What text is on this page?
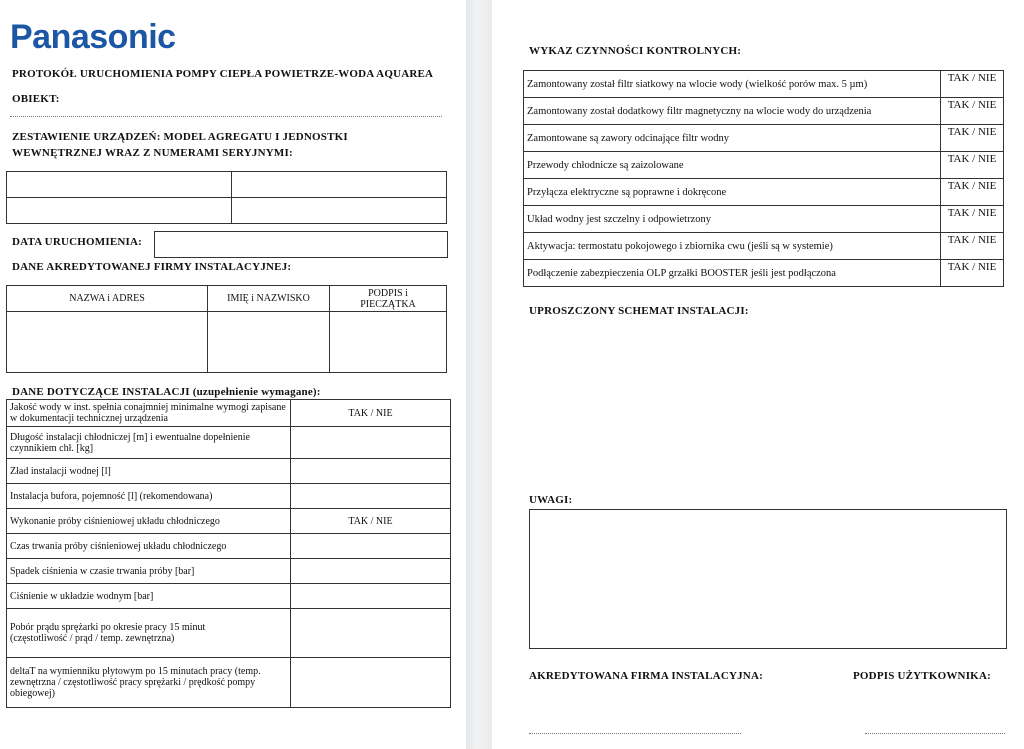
Panasonic
PROTOKÓŁ URUCHOMIENIA POMPY CIEPŁA POWIETRZE-WODA AQUAREA
OBIEKT:
ZESTAWIENIE URZĄDZEŃ: MODEL AGREGATU I JEDNOSTKI
WEWNĘTRZNEJ WRAZ Z NUMERAMI SERYJNYMI:

DATA URUCHOMIENIA:
DANE AKREDYTOWANEJ FIRMY INSTALACYJNEJ:
NAZWA i ADRES	IMIĘ i NAZWISKO	PODPIS i PIECZĄTKA

DANE DOTYCZĄCE INSTALACJI (uzupełnienie wymagane):
Jakość wody w inst. spełnia conajmniej minimalne wymogi zapisane w dokumentacji technicznej urządzenia	TAK / NIE
Długość instalacji chłodniczej [m] i ewentualne dopełnienie czynnikiem chł. [kg]	
Zład instalacji wodnej [l]	
Instalacja bufora, pojemność [l] (rekomendowana)	
Wykonanie próby ciśnieniowej układu chłodniczego	TAK / NIE
Czas trwania próby ciśnieniowej układu chłodniczego	
Spadek ciśnienia w czasie trwania próby [bar]	
Ciśnienie w układzie wodnym [bar]	
Pobór prądu sprężarki po okresie pracy 15 minut (częstotliwość / prąd / temp. zewnętrzna)	
deltaT na wymienniku płytowym po 15 minutach pracy (temp. zewnętrzna / częstotliwość pracy sprężarki / prędkość pompy obiegowej)	
WYKAZ CZYNNOŚCI KONTROLNYCH:
Zamontowany został filtr siatkowy na wlocie wody (wielkość porów max. 5 µm)	TAK / NIE
Zamontowany został dodatkowy filtr magnetyczny na wlocie wody do urządzenia	TAK / NIE
Zamontowane są zawory odcinające filtr wodny	TAK / NIE
Przewody chłodnicze są zaizolowane	TAK / NIE
Przyłącza elektryczne są poprawne i dokręcone	TAK / NIE
Układ wodny jest szczelny i odpowietrzony	TAK / NIE
Aktywacja: termostatu pokojowego i zbiornika cwu (jeśli są w systemie)	TAK / NIE
Podłączenie zabezpieczenia OLP grzałki BOOSTER jeśli jest podłączona	TAK / NIE
UPROSZCZONY SCHEMAT INSTALACJI:
UWAGI:
AKREDYTOWANA FIRMA INSTALACYJNA:	PODPIS UŻYTKOWNIKA:
